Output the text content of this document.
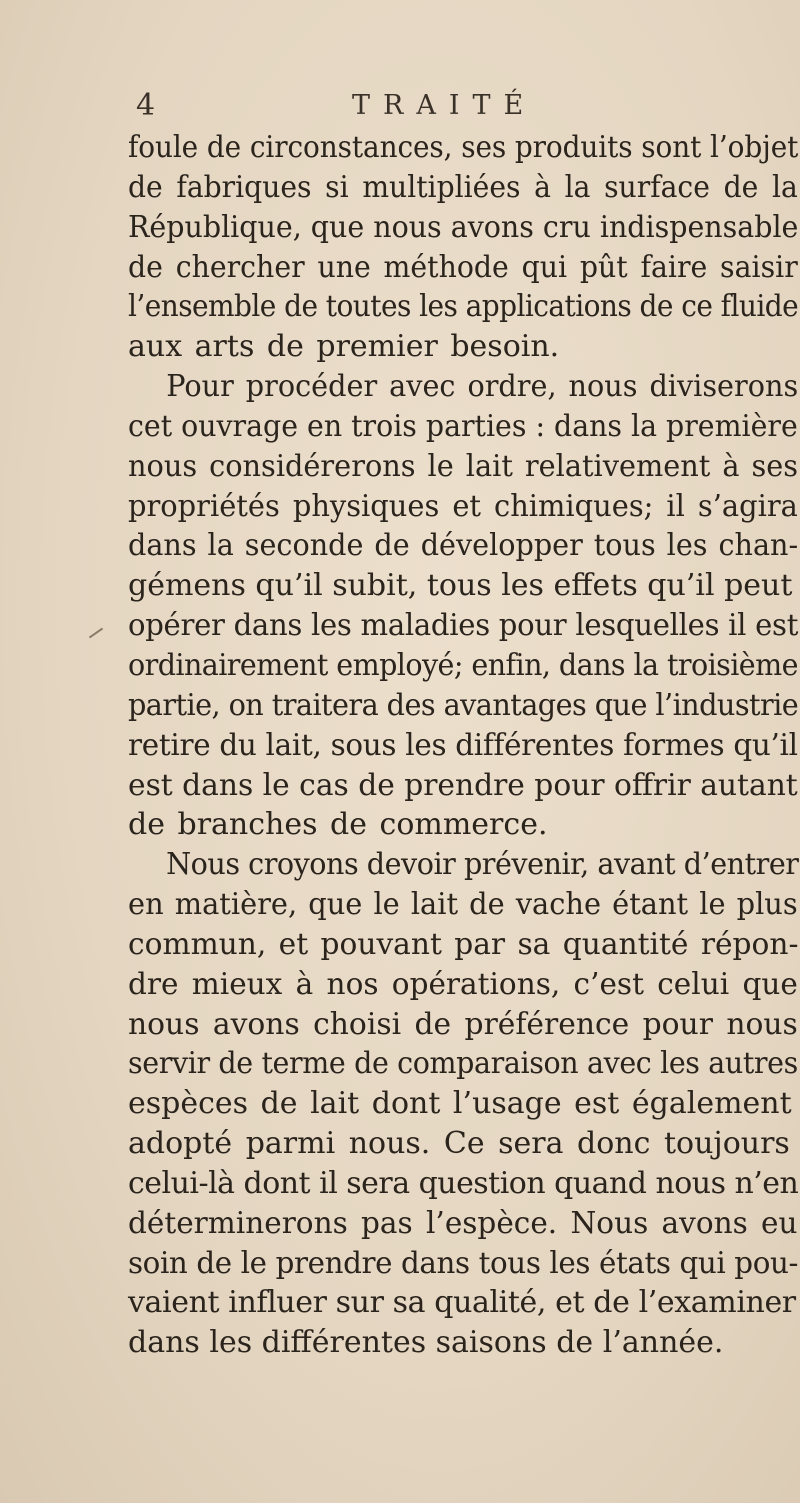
4	TRAITÉ
foule de circonstances, ses produits sont l’objet
de fabriques si multipliées à la surface de la
République, que nous avons cru indispensable
de chercher une méthode qui pût faire saisir
l’ensemble de toutes les applications de ce fluide
aux arts de premier besoin.
Pour procéder avec ordre, nous diviserons
cet ouvrage en trois parties : dans la première
nous considérerons le lait relativement à ses
propriétés physiques et chimiques; il s’agira
dans la seconde de développer tous les chan-
gémens qu’il subit, tous les effets qu’il peut
opérer dans les maladies pour lesquelles il est
ordinairement employé; enfin, dans la troisième
partie, on traitera des avantages que l’industrie
retire du lait, sous les différentes formes qu’il
est dans le cas de prendre pour offrir autant
de branches de commerce.
Nous croyons devoir prévenir, avant d’entrer
en matière, que le lait de vache étant le plus
commun, et pouvant par sa quantité répon-
dre mieux à nos opérations, c’est celui que
nous avons choisi de préférence pour nous
servir de terme de comparaison avec les autres
espèces de lait dont l’usage est également
adopté parmi nous. Ce sera donc toujours
celui-là dont il sera question quand nous n’en
déterminerons pas l’espèce. Nous avons eu
soin de le prendre dans tous les états qui pou-
vaient influer sur sa qualité, et de l’examiner
dans les différentes saisons de l’année.
